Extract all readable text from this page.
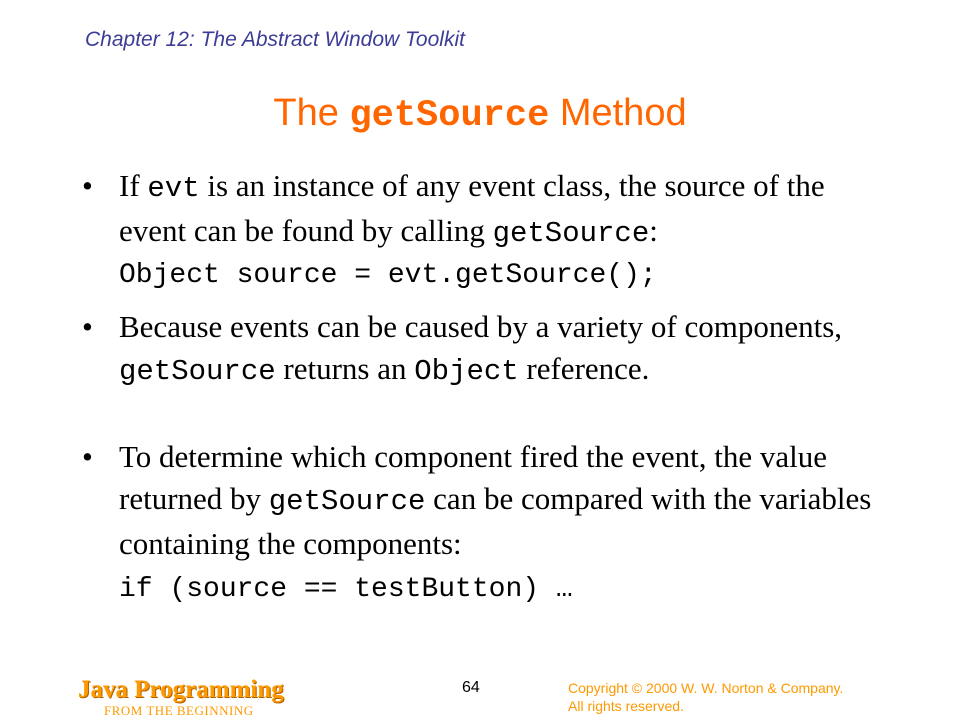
Chapter 12: The Abstract Window Toolkit
The getSource Method
• If evt is an instance of any event class, the source of the event can be found by calling getSource:
Object source = evt.getSource();
• Because events can be caused by a variety of components, getSource returns an Object reference.
• To determine which component fired the event, the value returned by getSource can be compared with the variables containing the components:
if (source == testButton) …
Java Programming
FROM THE BEGINNING
64	Copyright © 2000 W. W. Norton & Company.
All rights reserved.
